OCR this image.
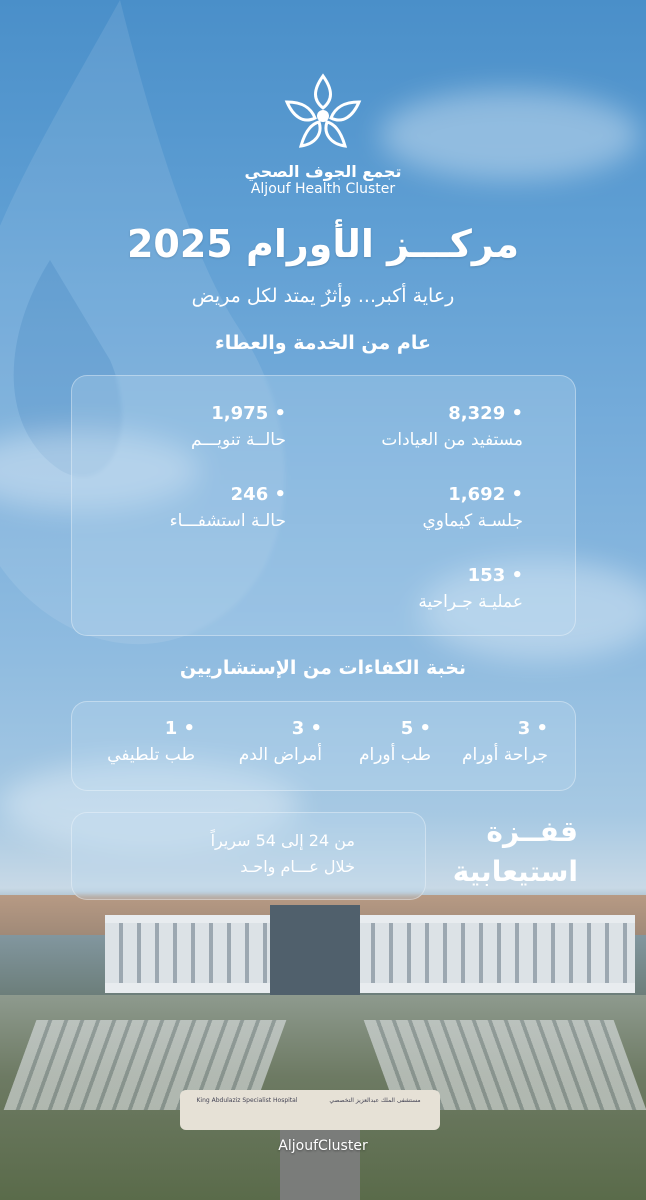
مستشفى الملك عبدالعزيز التخصصي
King Abdulaziz Specialist Hospital
تجمع الجوف الصحي
Aljouf Health Cluster
مركـــز الأورام 2025
رعاية أكبر... وأثرٌ يمتد لكل مريض
عام من الخدمة والعطاء
• 8,329
مستفيد من العيادات
• 1,975
حالــة تنويـــم
• 1,692
جلسـة كيماوي
• 246
حالـة استشفـــاء
• 153
عمليـة جـراحية
نخبة الكفاءات من الإستشاريين
• 3
جراحة أورام
• 5
طب أورام
• 3
أمراض الدم
• 1
طب تلطيفي
من 24 إلى 54 سريراً
خلال عـــام واحـد
قفــزة
استيعابية
AljoufCluster
